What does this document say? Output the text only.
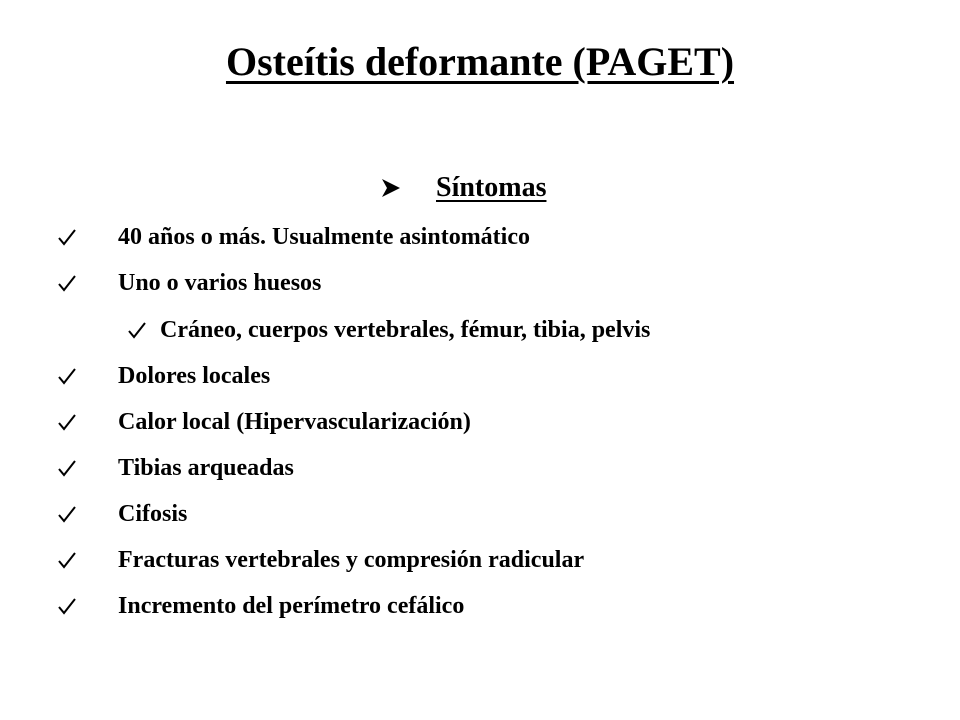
Osteítis deformante (PAGET)
Síntomas
40 años o más. Usualmente asintomático
Uno o varios huesos
Cráneo, cuerpos vertebrales, fémur, tibia, pelvis
Dolores locales
Calor local (Hipervascularización)
Tibias arqueadas
Cifosis
Fracturas vertebrales y compresión radicular
Incremento del perímetro cefálico
